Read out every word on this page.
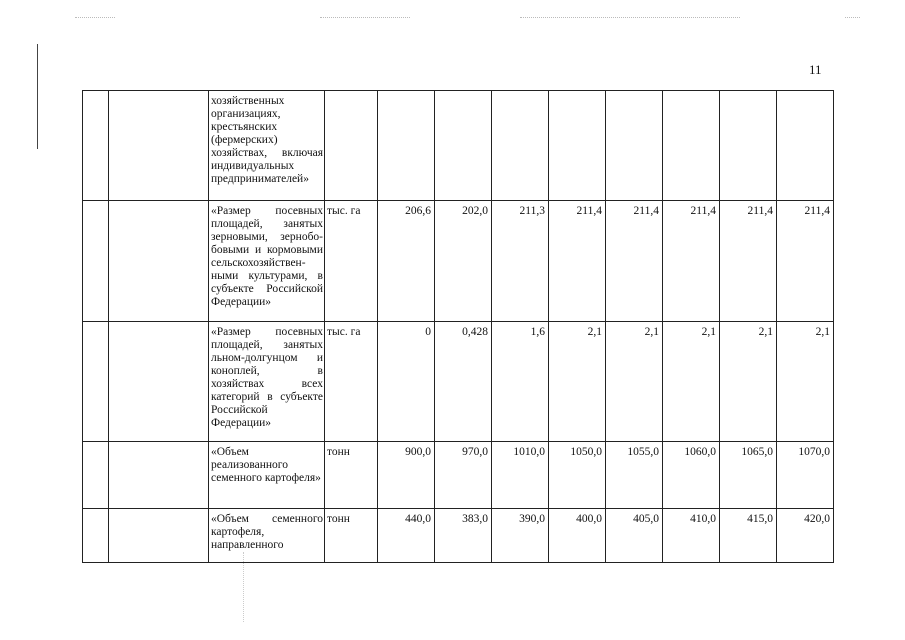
11
		хозяйственных организациях, крестьянских (фермерских) хозяйствах, включая индивидуальных предпринимателей»									
		«Размер посевных площадей, занятых зерновыми, зернобо-бовыми и кормовыми сельскохозяйствен-ными культурами, в субъекте Российской Федерации»	тыс. га	206,6	202,0	211,3	211,4	211,4	211,4	211,4	211,4
		«Размер посевных площадей, занятых льном-долгунцом и коноплей, в хозяйствах всех категорий в субъекте Российской Федерации»	тыс. га	0	0,428	1,6	2,1	2,1	2,1	2,1	2,1
		«Объем реализованного семенного картофеля»	тонн	900,0	970,0	1010,0	1050,0	1055,0	1060,0	1065,0	1070,0
		«Объем семенного картофеля, направленного	тонн	440,0	383,0	390,0	400,0	405,0	410,0	415,0	420,0
